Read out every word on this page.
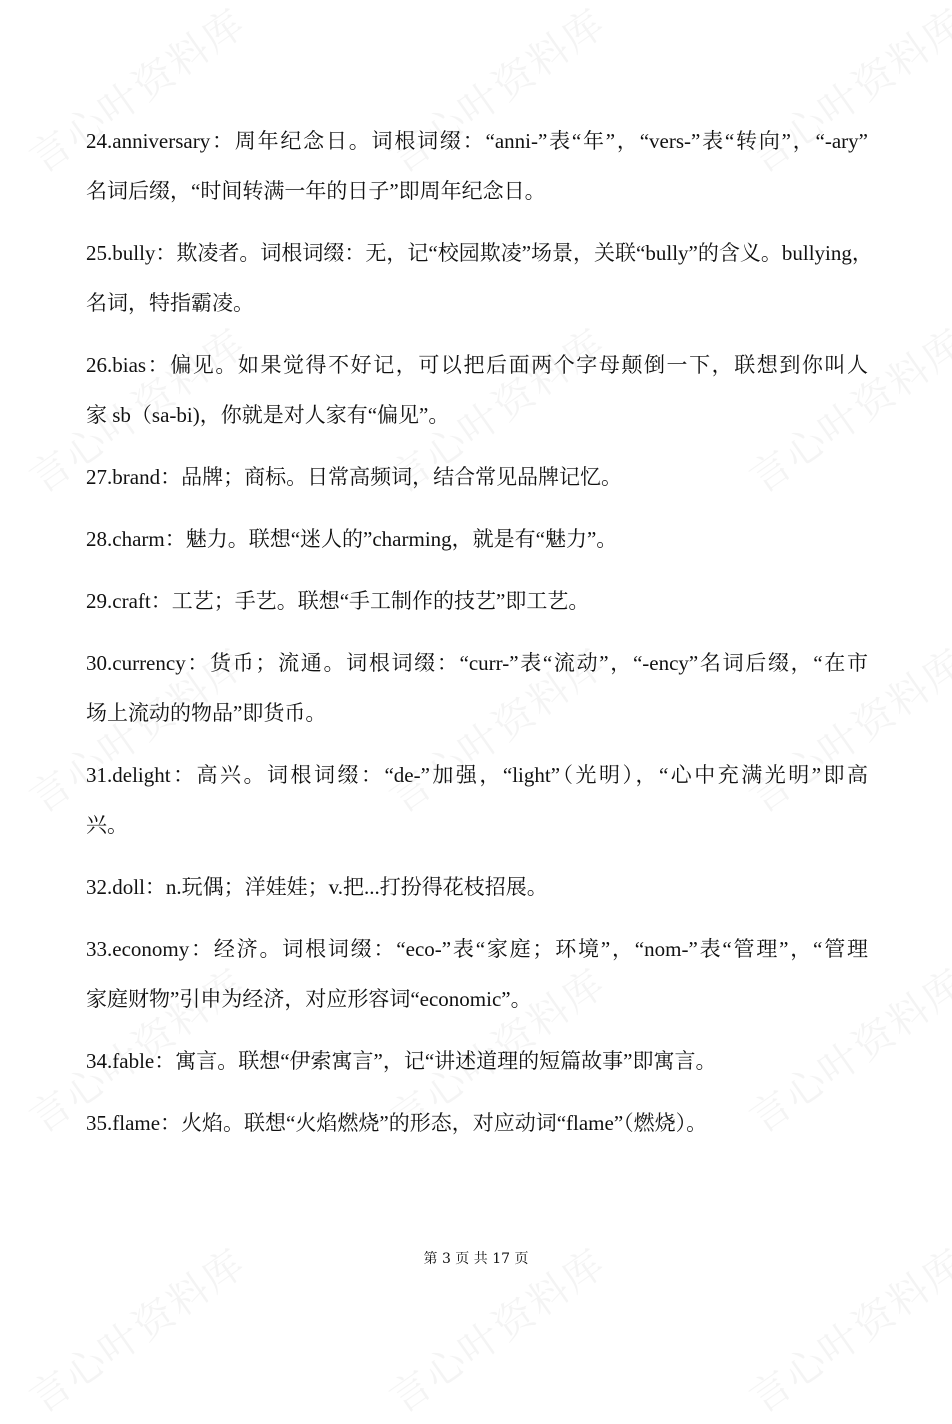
24.anniversary：周年纪念日。词根词缀：“anni-”表“年”，“vers-”表“转向”，“-ary”
名词后缀，“时间转满一年的日子”即周年纪念日。
25.bully：欺凌者。词根词缀：无，记“校园欺凌”场景，关联“bully”的含义。bullying，
名词，特指霸凌。
26.bias：偏见。如果觉得不好记，可以把后面两个字母颠倒一下，联想到你叫人
家 sb（sa-bi)，你就是对人家有“偏见”。
27.brand：品牌；商标。日常高频词，结合常见品牌记忆。
28.charm：魅力。联想“迷人的”charming，就是有“魅力”。
29.craft：工艺；手艺。联想“手工制作的技艺”即工艺。
30.currency：货币；流通。词根词缀：“curr-”表“流动”，“-ency”名词后缀，“在市
场上流动的物品”即货币。
31.delight：高兴。词根词缀：“de-”加强，“light”（光明），“心中充满光明”即高
兴。
32.doll：n.玩偶；洋娃娃；v.把...打扮得花枝招展。
33.economy：经济。词根词缀：“eco-”表“家庭；环境”，“nom-”表“管理”，“管理
家庭财物”引申为经济，对应形容词“economic”。
34.fable：寓言。联想“伊索寓言”，记“讲述道理的短篇故事”即寓言。
35.flame：火焰。联想“火焰燃烧”的形态，对应动词“flame”（燃烧）。
第 3 页 共 17 页
